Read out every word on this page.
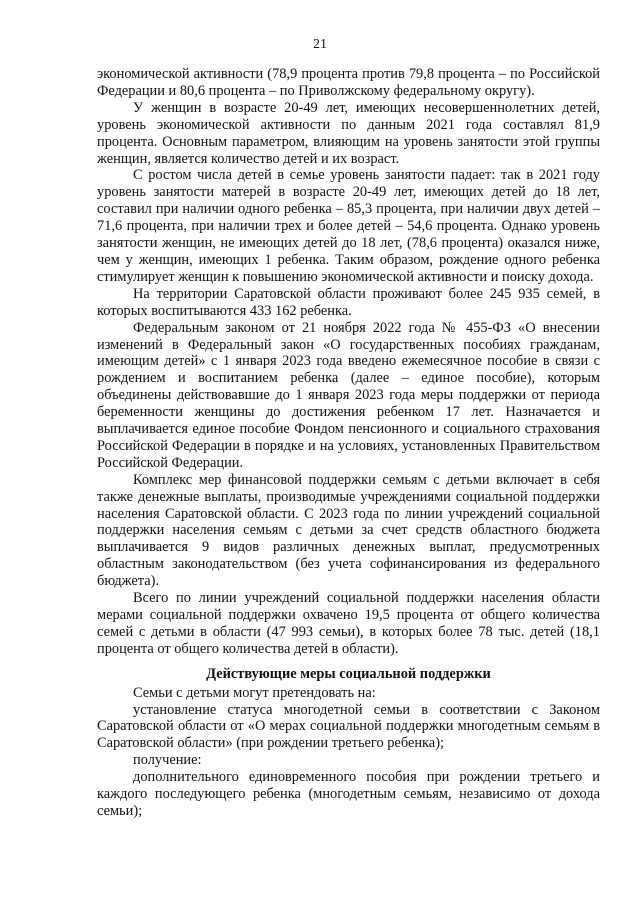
21

экономической активности (78,9 процента против 79,8 процента – по Российской Федерации и 80,6 процента – по Приволжскому федеральному округу).

У женщин в возрасте 20-49 лет, имеющих несовершеннолетних детей, уровень экономической активности по данным 2021 года составлял 81,9 процента. Основным параметром, влияющим на уровень занятости этой группы женщин, является количество детей и их возраст.

С ростом числа детей в семье уровень занятости падает: так в 2021 году уровень занятости матерей в возрасте 20-49 лет, имеющих детей до 18 лет, составил при наличии одного ребенка – 85,3 процента, при наличии двух детей – 71,6 процента, при наличии трех и более детей – 54,6 процента. Однако уровень занятости женщин, не имеющих детей до 18 лет, (78,6 процента) оказался ниже, чем у женщин, имеющих 1 ребенка. Таким образом, рождение одного ребенка стимулирует женщин к повышению экономической активности и поиску дохода.

На территории Саратовской области проживают более 245 935 семей, в которых воспитываются 433 162 ребенка.

Федеральным законом от 21 ноября 2022 года № 455-ФЗ «О внесении изменений в Федеральный закон «О государственных пособиях гражданам, имеющим детей» с 1 января 2023 года введено ежемесячное пособие в связи с рождением и воспитанием ребенка (далее – единое пособие), которым объединены действовавшие до 1 января 2023 года меры поддержки от периода беременности женщины до достижения ребенком 17 лет. Назначается и выплачивается единое пособие Фондом пенсионного и социального страхования Российской Федерации в порядке и на условиях, установленных Правительством Российской Федерации.

Комплекс мер финансовой поддержки семьям с детьми включает в себя также денежные выплаты, производимые учреждениями социальной поддержки населения Саратовской области. С 2023 года по линии учреждений социальной поддержки населения семьям с детьми за счет средств областного бюджета выплачивается 9 видов различных денежных выплат, предусмотренных областным законодательством (без учета софинансирования из федерального бюджета).

Всего по линии учреждений социальной поддержки населения области мерами социальной поддержки охвачено 19,5 процента от общего количества семей с детьми в области (47 993 семьи), в которых более 78 тыс. детей (18,1 процента от общего количества детей в области).

Действующие меры социальной поддержки

Семьи с детьми могут претендовать на:

установление статуса многодетной семьи в соответствии с Законом Саратовской области от «О мерах социальной поддержки многодетным семьям в Саратовской области» (при рождении третьего ребенка);

получение:

дополнительного единовременного пособия при рождении третьего и каждого последующего ребенка (многодетным семьям, независимо от дохода семьи);
